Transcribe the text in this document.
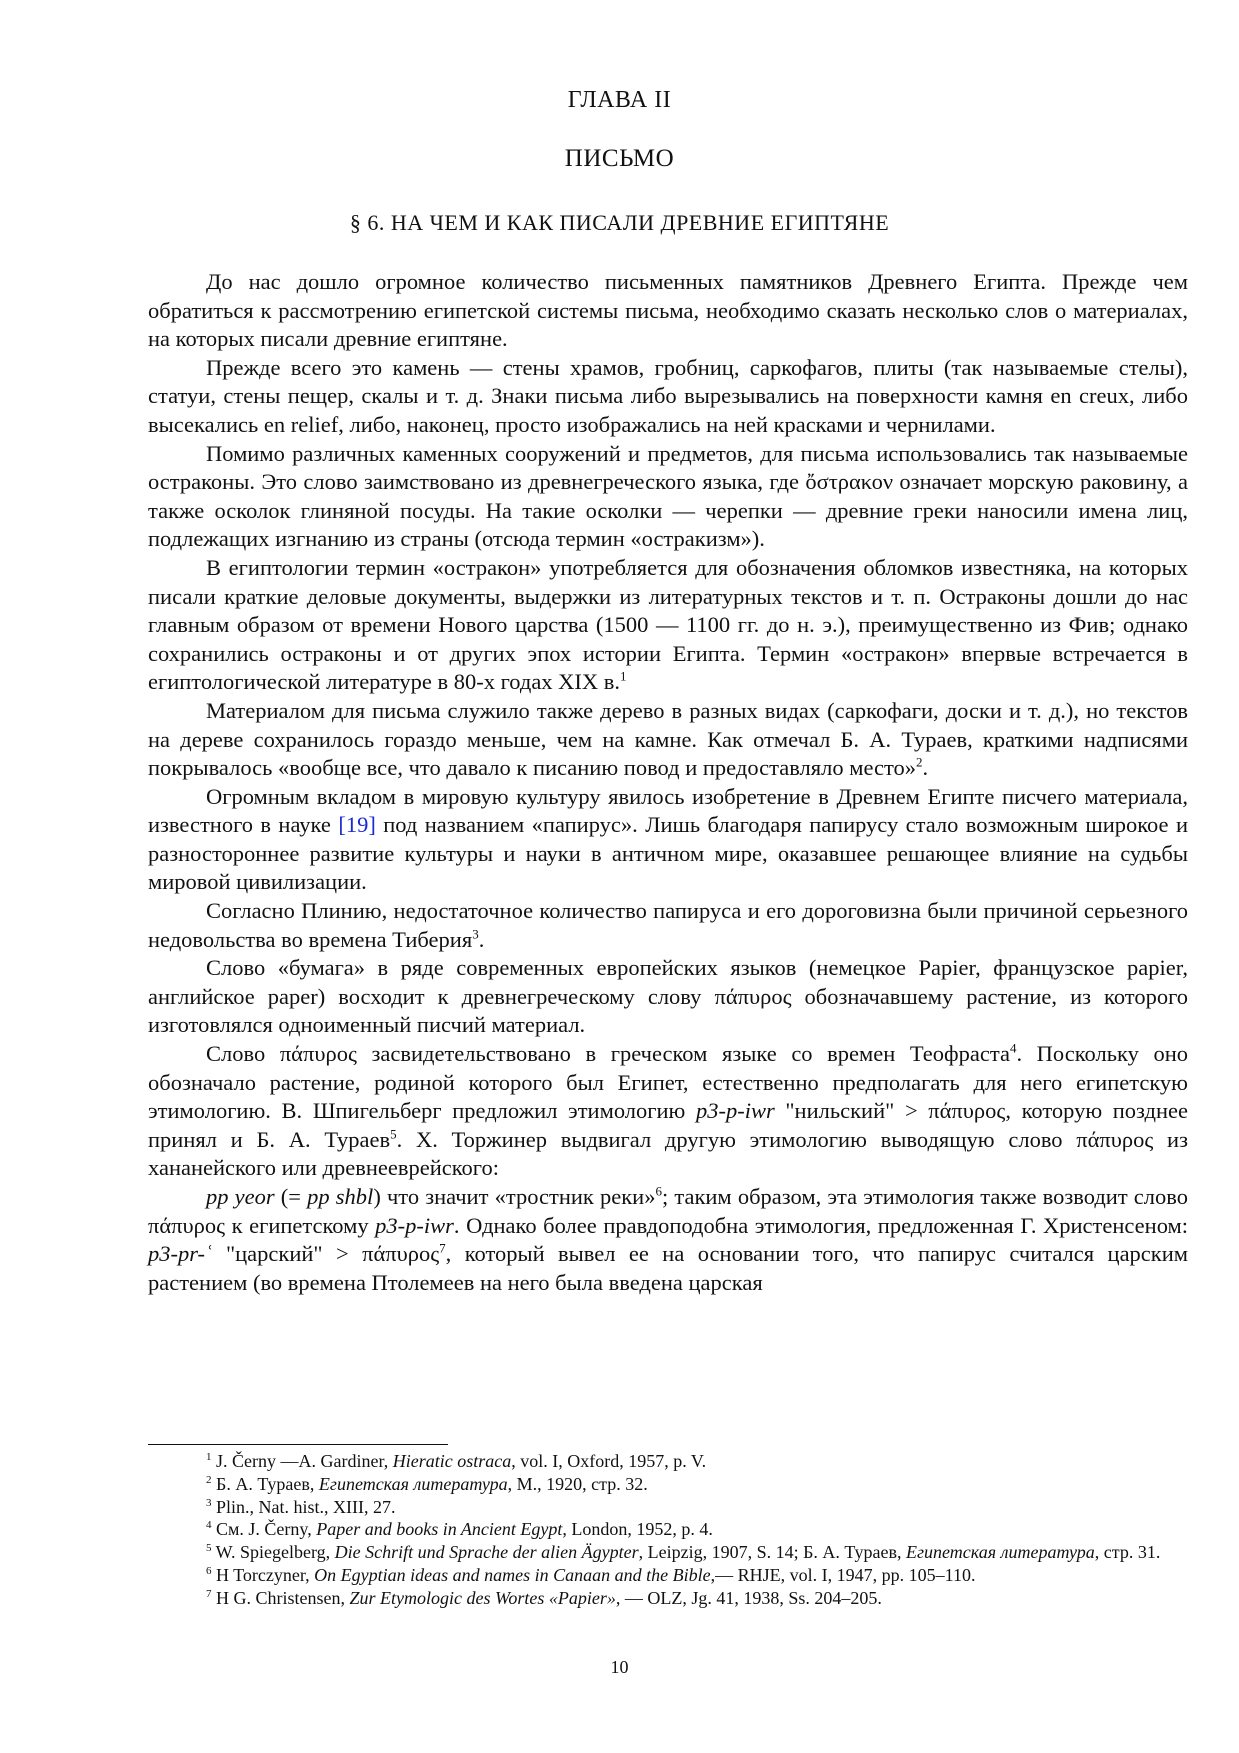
ГЛАВА II
ПИСЬМО
§ 6. НА ЧЕМ И КАК ПИСАЛИ ДРЕВНИЕ ЕГИПТЯНЕ

До нас дошло огромное количество письменных памятников Древнего Египта. Прежде чем обратиться к рассмотрению египетской системы письма, необходимо сказать несколько слов о материалах, на которых писали древние египтяне.

Прежде всего это камень — стены храмов, гробниц, саркофагов, плиты (так называемые стелы), статуи, стены пещер, скалы и т. д. Знаки письма либо вырезывались на поверхности камня en creux, либо высекались en relief, либо, наконец, просто изображались на ней красками и чернилами.

Помимо различных каменных сооружений и предметов, для письма использовались так называемые остраконы. Это слово заимствовано из древнегреческого языка, где ὄστρακον означает морскую раковину, а также осколок глиняной посуды. На такие осколки — черепки — древние греки наносили имена лиц, подлежащих изгнанию из страны (отсюда термин «остракизм»).

В египтологии термин «остракон» употребляется для обозначения обломков известняка, на которых писали краткие деловые документы, выдержки из литературных текстов и т. п. Остраконы дошли до нас главным образом от времени Нового царства (1500 — 1100 гг. до н. э.), преимущественно из Фив; однако сохранились остраконы и от других эпох истории Египта. Термин «остракон» впервые встречается в египтологической литературе в 80-х годах XIX в.$^1$

Материалом для письма служило также дерево в разных видах (саркофаги, доски и т. д.), но текстов на дереве сохранилось гораздо меньше, чем на камне. Как отмечал Б. А. Тураев, краткими надписями покрывалось «вообще все, что давало к писанию повод и предоставляло место»$^2$.

Огромным вкладом в мировую культуру явилось изобретение в Древнем Египте писчего материала, известного в науке [19] под названием «папирус». Лишь благодаря папирусу стало возможным широкое и разностороннее развитие культуры и науки в античном мире, оказавшее решающее влияние на судьбы мировой цивилизации.

Согласно Плинию, недостаточное количество папируса и его дороговизна были причиной серьезного недовольства во времена Тиберия$^3$.

Слово «бумага» в ряде современных европейских языков (немецкое Papier, французское papier, английское paper) восходит к древнегреческому слову πάπυρος обозначавшему растение, из которого изготовлялся одноименный писчий материал.

Слово πάπυρος засвидетельствовано в греческом языке со времен Теофраста$^4$. Поскольку оно обозначало растение, родиной которого был Египет, естественно предполагать для него египетскую этимологию. В. Шпигельберг предложил этимологию p3-p-iwr "нильский" > πάπυρος, которую позднее принял и Б. А. Тураев$^5$. Х. Торжинер выдвигал другую этимологию выводящую слово πάπυρος из хананейского или древнееврейского:

pp yeor (= pp shbl) что значит «тростник реки»$^6$; таким образом, эта этимология также возводит слово πάπυρος к египетскому p3-p-iwr. Однако более правдоподобна этимология, предложенная Г. Христенсеном: p3-pr-ʿ "царский" > πάπυρος$^7$, который вывел ее на основании того, что папирус считался царским растением (во времена Птолемеев на него была введена царская

$^1$ J. Černy —A. Gardiner, Hieratic ostraca, vol. I, Oxford, 1957, p. V.

$^2$ Б. А. Тураев, Египетская литература, М., 1920, стр. 32.

$^3$ Plin., Nat. hist., XIII, 27.

$^4$ См. J. Černy, Paper and books in Ancient Egypt, London, 1952, p. 4.

$^5$ W. Spiegelberg, Die Schrift und Sprache der alien Ägypter, Leipzig, 1907, S. 14; Б. А. Тураев, Египетская литература, стр. 31.

$^6$ H Torczyner, On Egyptian ideas and names in Canaan and the Bible,— RHJE, vol. I, 1947, pp. 105–110.

$^7$ H G. Christensen, Zur Etymologic des Wortes «Papier», — OLZ, Jg. 41, 1938, Ss. 204–205.

10
